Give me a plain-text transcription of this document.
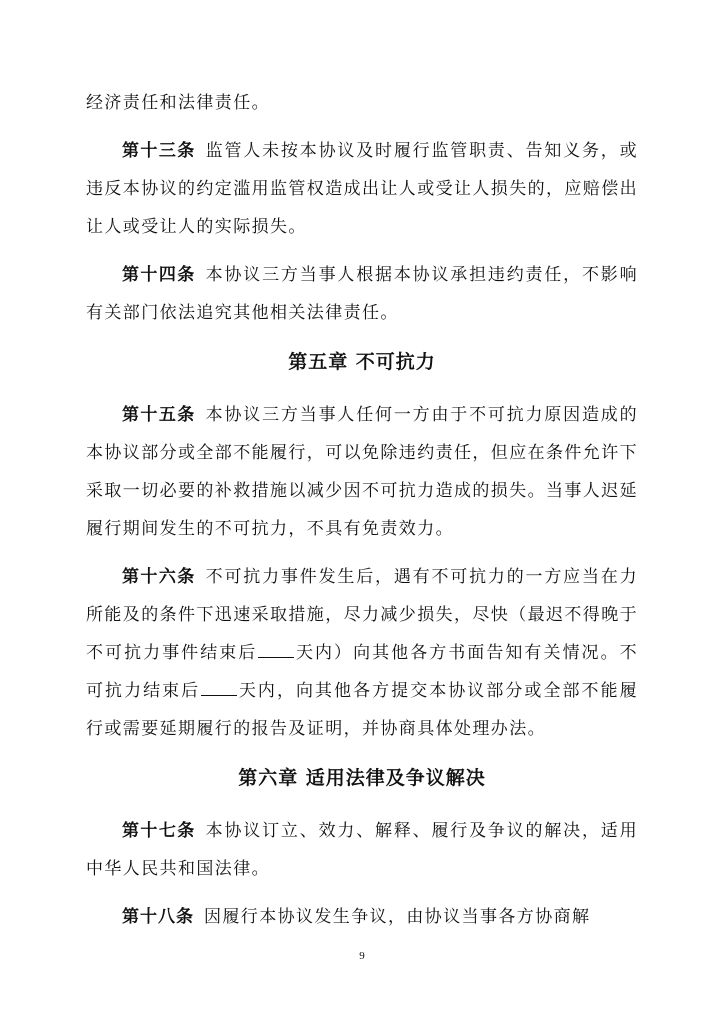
经济责任和法律责任。

第十三条 监管人未按本协议及时履行监管职责、告知义务，或违反本协议的约定滥用监管权造成出让人或受让人损失的，应赔偿出让人或受让人的实际损失。

第十四条 本协议三方当事人根据本协议承担违约责任，不影响有关部门依法追究其他相关法律责任。

第五章 不可抗力

第十五条 本协议三方当事人任何一方由于不可抗力原因造成的本协议部分或全部不能履行，可以免除违约责任，但应在条件允许下采取一切必要的补救措施以减少因不可抗力造成的损失。当事人迟延履行期间发生的不可抗力，不具有免责效力。

第十六条 不可抗力事件发生后，遇有不可抗力的一方应当在力所能及的条件下迅速采取措施，尽力减少损失，尽快（最迟不得晚于不可抗力事件结束后 天内）向其他各方书面告知有关情况。不可抗力结束后 天内，向其他各方提交本协议部分或全部不能履行或需要延期履行的报告及证明，并协商具体处理办法。

第六章 适用法律及争议解决

第十七条 本协议订立、效力、解释、履行及争议的解决，适用中华人民共和国法律。

第十八条 因履行本协议发生争议，由协议当事各方协商解

9
